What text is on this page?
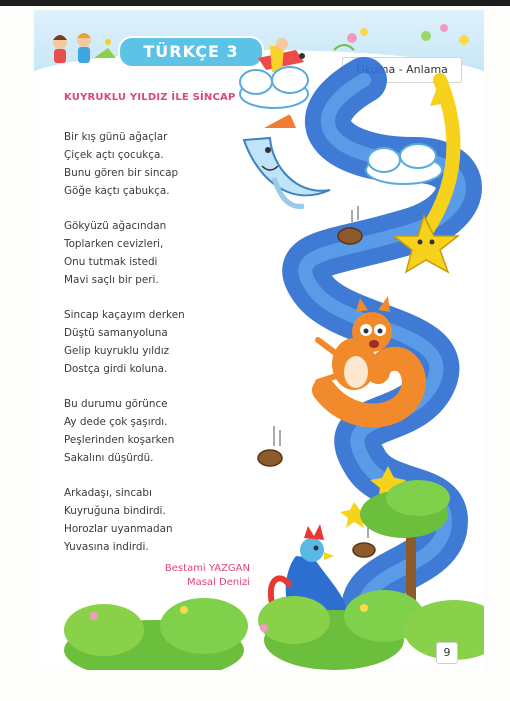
TÜRKÇE 3
Okuma - Anlama
KUYRUKLU YILDIZ İLE SİNCAP
Bir kış günü ağaçlar
Çiçek açtı çocukça.
Bunu gören bir sincap
Göğe kaçtı çabukça.
Gökyüzü ağacından
Toplarken cevizleri,
Onu tutmak istedi
Mavi saçlı bir peri.
Sincap kaçayım derken
Düştü samanyoluna
Gelip kuyruklu yıldız
Dostça girdi koluna.
Bu durumu görünce
Ay dede çok şaşırdı.
Peşlerinden koşarken
Sakalını düşürdü.
Arkadaşı, sincabı
Kuyruğuna bindirdi.
Horozlar uyanmadan
Yuvasına indirdi.
Bestami YAZGAN
Masal Denizi
9
